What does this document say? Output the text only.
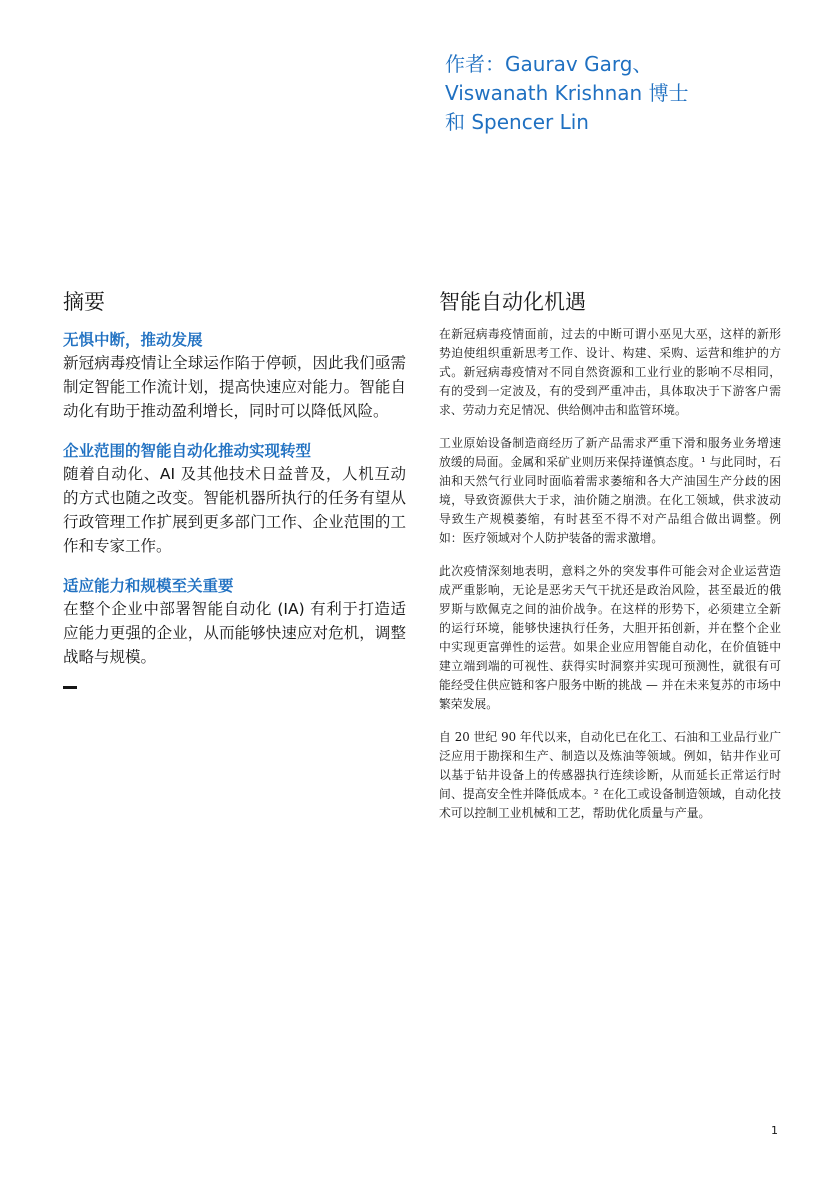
作者：Gaurav Garg、
Viswanath Krishnan 博士
和 Spencer Lin
摘要
无惧中断，推动发展

新冠病毒疫情让全球运作陷于停顿，因此我们亟需制定智能工作流计划，提高快速应对能力。智能自动化有助于推动盈利增长，同时可以降低风险。

企业范围的智能自动化推动实现转型

随着自动化、AI 及其他技术日益普及，人机互动的方式也随之改变。智能机器所执行的任务有望从行政管理工作扩展到更多部门工作、企业范围的工作和专家工作。

适应能力和规模至关重要

在整个企业中部署智能自动化 (IA) 有利于打造适应能力更强的企业，从而能够快速应对危机，调整战略与规模。

智能自动化机遇

在新冠病毒疫情面前，过去的中断可谓小巫见大巫，这样的新形势迫使组织重新思考工作、设计、构建、采购、运营和维护的方式。新冠病毒疫情对不同自然资源和工业行业的影响不尽相同，有的受到一定波及，有的受到严重冲击，具体取决于下游客户需求、劳动力充足情况、供给侧冲击和监管环境。

工业原始设备制造商经历了新产品需求严重下滑和服务业务增速放缓的局面。金属和采矿业则历来保持谨慎态度。¹ 与此同时，石油和天然气行业同时面临着需求萎缩和各大产油国生产分歧的困境，导致资源供大于求，油价随之崩溃。在化工领域，供求波动导致生产规模萎缩，有时甚至不得不对产品组合做出调整。例如：医疗领域对个人防护装备的需求激增。

此次疫情深刻地表明，意料之外的突发事件可能会对企业运营造成严重影响，无论是恶劣天气干扰还是政治风险，甚至最近的俄罗斯与欧佩克之间的油价战争。在这样的形势下，必须建立全新的运行环境，能够快速执行任务，大胆开拓创新，并在整个企业中实现更富弹性的运营。如果企业应用智能自动化，在价值链中建立端到端的可视性、获得实时洞察并实现可预测性，就很有可能经受住供应链和客户服务中断的挑战 — 并在未来复苏的市场中繁荣发展。

自 20 世纪 90 年代以来，自动化已在化工、石油和工业品行业广泛应用于勘探和生产、制造以及炼油等领域。例如，钻井作业可以基于钻井设备上的传感器执行连续诊断，从而延长正常运行时间、提高安全性并降低成本。² 在化工或设备制造领域，自动化技术可以控制工业机械和工艺，帮助优化质量与产量。

1
